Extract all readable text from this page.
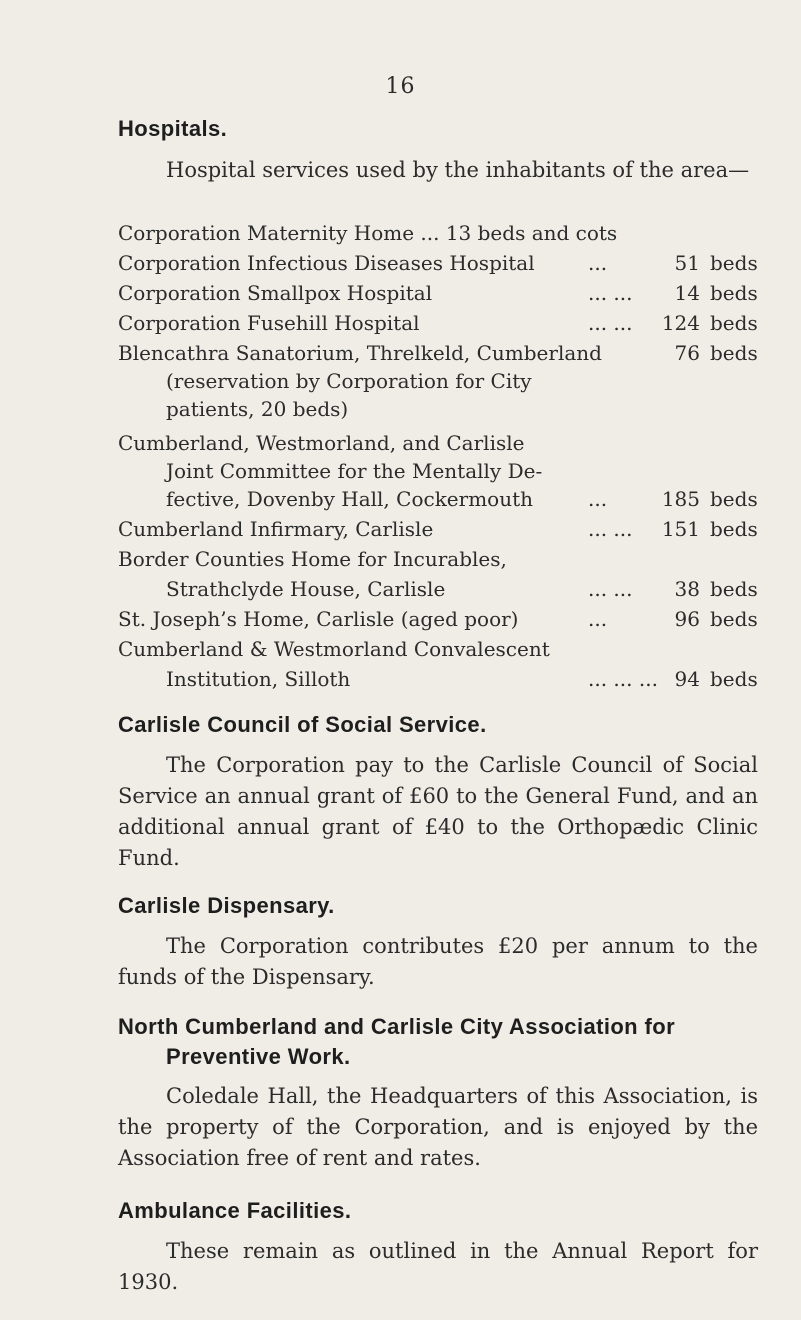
16
Hospitals.
Hospital services used by the inhabitants of the area—
Corporation Maternity Home ... 13 beds and cots
Corporation Infectious Diseases Hospital	...	51 beds
Corporation Smallpox Hospital	... ...	14 beds
Corporation Fusehill Hospital	... ...	124 beds
Blencathra Sanatorium, Threlkeld, Cumberland	76 beds
(reservation by Corporation for City
patients, 20 beds)
Cumberland, Westmorland, and Carlisle
Joint Committee for the Mentally De-
fective, Dovenby Hall, Cockermouth	...	185 beds
Cumberland Infirmary, Carlisle	... ...	151 beds
Border Counties Home for Incurables,
Strathclyde House, Carlisle	... ...	38 beds
St. Joseph’s Home, Carlisle (aged poor)	...	96 beds
Cumberland & Westmorland Convalescent
Institution, Silloth	... ... ... 94 beds
Carlisle Council of Social Service.
The Corporation pay to the Carlisle Council of Social Service an annual grant of £60 to the General Fund, and an additional annual grant of £40 to the Orthopædic Clinic Fund.
Carlisle Dispensary.
The Corporation contributes £20 per annum to the funds of the Dispensary.
North Cumberland and Carlisle City Association for
Preventive Work.
Coledale Hall, the Headquarters of this Association, is the property of the Corporation, and is enjoyed by the Association free of rent and rates.
Ambulance Facilities.
These remain as outlined in the Annual Report for 1930.
